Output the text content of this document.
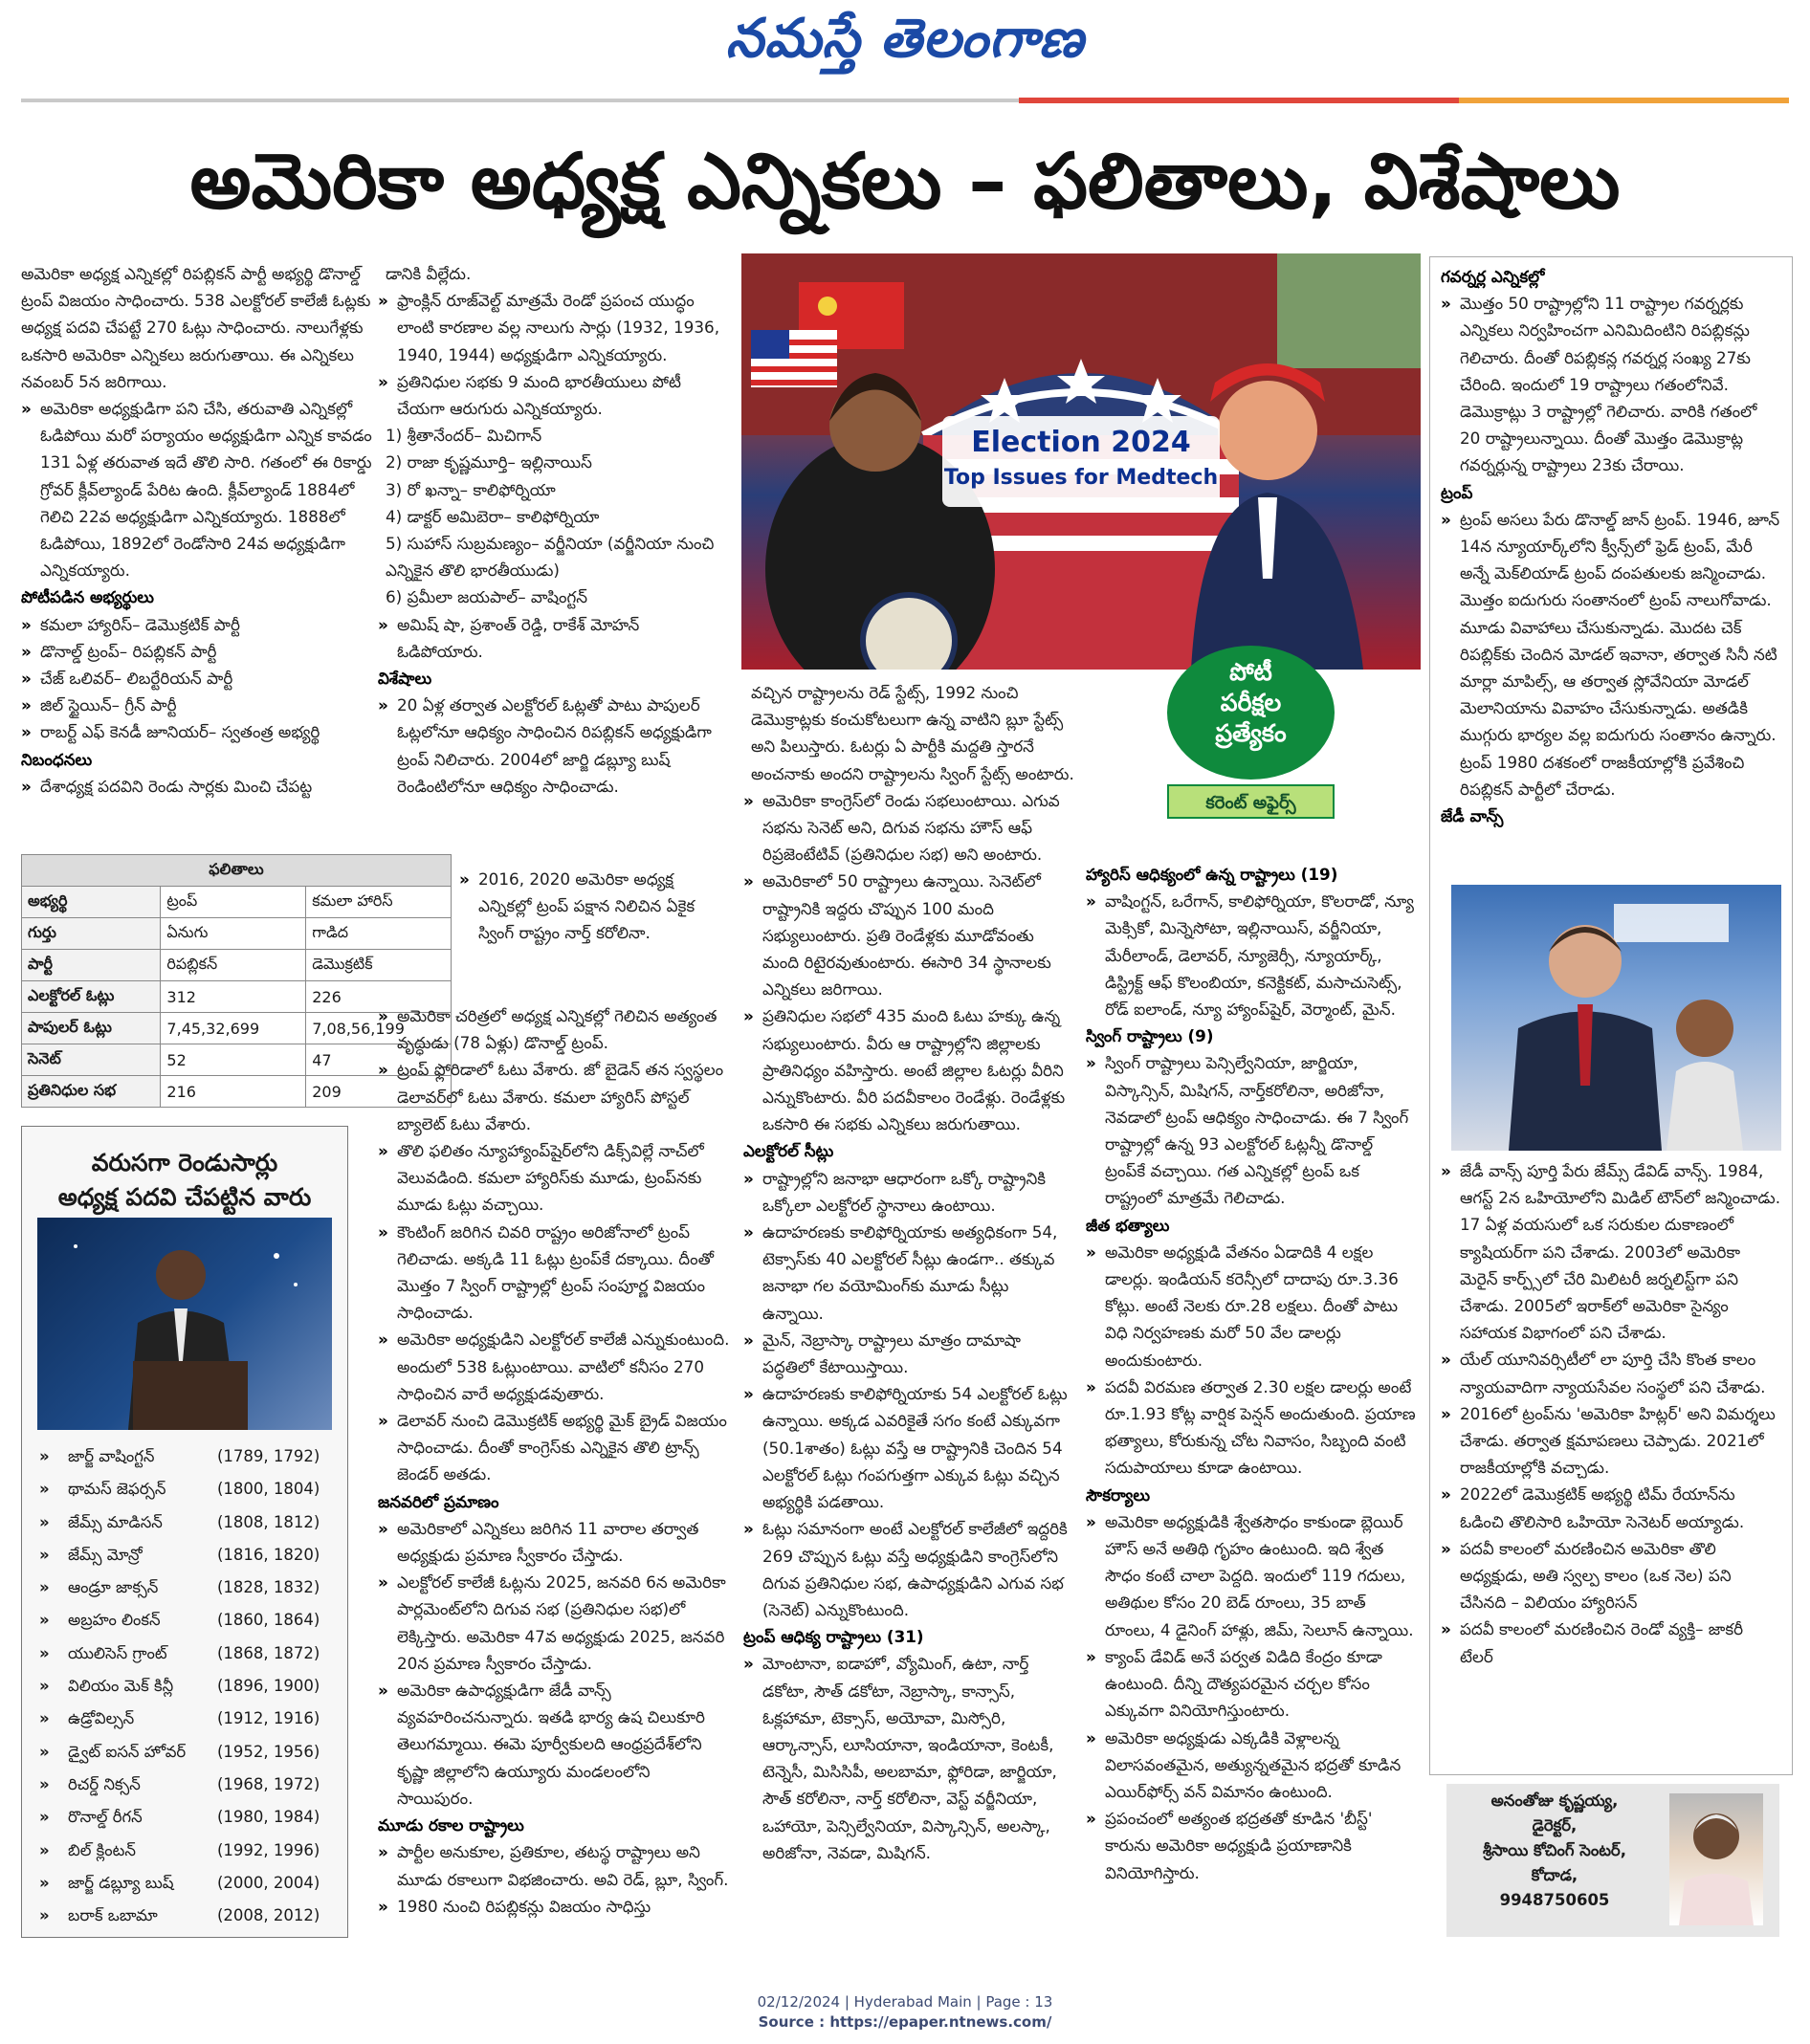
నమస్తే తెలంగాణ
అమెరికా అధ్యక్ష ఎన్నికలు – ఫలితాలు, విశేషాలు

అమెరికా అధ్యక్ష ఎన్నికల్లో రిపబ్లికన్ పార్టీ అభ్యర్థి డొనాల్డ్ ట్రంప్ విజయం సాధించారు. 538 ఎలక్టోరల్ కాలేజీ ఓట్లకు అధ్యక్ష పదవి చేపట్టే 270 ఓట్లు సాధించారు. నాలుగేళ్లకు ఒకసారి అమెరికా ఎన్నికలు జరుగుతాయి. ఈ ఎన్నికలు నవంబర్ 5న జరిగాయి.

» అమెరికా అధ్యక్షుడిగా పని చేసి, తరువాతి ఎన్నికల్లో ఓడిపోయి మరో పర్యాయం అధ్యక్షుడిగా ఎన్నిక కావడం 131 ఏళ్ల తరువాత ఇదే తొలి సారి. గతంలో ఈ రికార్డు గ్రోవర్ క్లీవ్‌ల్యాండ్ పేరిట ఉంది. క్లీవ్‌ల్యాండ్ 1884లో గెలిచి 22వ అధ్యక్షుడిగా ఎన్నికయ్యారు. 1888లో ఓడిపోయి, 1892లో రెండోసారి 24వ అధ్యక్షుడిగా ఎన్నికయ్యారు.

పోటీపడిన అభ్యర్థులు

» కమలా హ్యారిస్– డెమొక్రటిక్ పార్టీ

» డొనాల్డ్ ట్రంప్– రిపబ్లికన్ పార్టీ

» చేజ్ ఒలివర్– లిబర్టేరియన్ పార్టీ

» జిల్ స్టైయిన్– గ్రీన్ పార్టీ

» రాబర్ట్ ఎఫ్ కెనడీ జూనియర్– స్వతంత్ర అభ్యర్థి

నిబంధనలు

» దేశాధ్యక్ష పదవిని రెండు సార్లకు మించి చేపట్ట

ఫలితాలు		
అభ్యర్థి	ట్రంప్	కమలా హారిస్
గుర్తు	ఏనుగు	గాడిద
పార్టీ	రిపబ్లికన్	డెమొక్రటిక్
ఎలక్టోరల్ ఓట్లు	312	226
పాపులర్ ఓట్లు	7,45,32,699	7,08,56,199
సెనెట్	52	47
ప్రతినిధుల సభ	216	209
వరుసగా రెండుసార్లు
అధ్యక్ష పదవి చేపట్టిన వారు
» జార్జ్ వాషింగ్టన్	(1789, 1792)
» థామస్ జెఫర్సన్	(1800, 1804)
» జేమ్స్ మాడిసన్	(1808, 1812)
» జేమ్స్ మోన్రో	(1816, 1820)
» ఆండ్రూ జాక్సన్	(1828, 1832)
» అబ్రహం లింకన్	(1860, 1864)
» యులిసెస్ గ్రాంట్	(1868, 1872)
» విలియం మెక్ కిన్లీ	(1896, 1900)
» ఉడ్రోవిల్సన్	(1912, 1916)
» డ్వైట్ ఐసన్ హోవర్ (1952, 1956)
» రిచర్డ్ నిక్సన్	(1968, 1972)
» రొనాల్డ్ రీగన్	(1980, 1984)
» బిల్ క్లింటన్	(1992, 1996)
» జార్జ్ డబ్ల్యూ బుష్	(2000, 2004)
» బరాక్ ఒబామా	(2008, 2012)

డానికి వీల్లేదు.

» ఫ్రాంక్లిన్ రూజ్‌వెల్ట్ మాత్రమే రెండో ప్రపంచ యుద్ధం లాంటి కారణాల వల్ల నాలుగు సార్లు (1932, 1936, 1940, 1944) అధ్యక్షుడిగా ఎన్నికయ్యారు.

» ప్రతినిధుల సభకు 9 మంది భారతీయులు పోటీ చేయగా ఆరుగురు ఎన్నికయ్యారు.

1) శ్రీతానేందర్– మిచిగాన్

2) రాజా కృష్ణమూర్తి– ఇల్లినాయిస్

3) రో ఖన్నా– కాలిఫోర్నియా

4) డాక్టర్ అమిబెరా– కాలిఫోర్నియా

5) సుహాస్ సుబ్రమణ్యం– వర్జీనియా (వర్జీనియా నుంచి ఎన్నికైన తొలి భారతీయుడు)

6) ప్రమీలా జయపాల్– వాషింగ్టన్

» అమిష్ షా, ప్రశాంత్ రెడ్డి, రాకేశ్ మోహన్ ఓడిపోయారు.

విశేషాలు

» 20 ఏళ్ల తర్వాత ఎలక్టోరల్ ఓట్లతో పాటు పాపులర్ ఓట్లలోనూ ఆధిక్యం సాధించిన రిపబ్లికన్ అధ్యక్షుడిగా ట్రంప్ నిలిచారు. 2004లో జార్జి డబ్ల్యూ బుష్ రెండింటిలోనూ ఆధిక్యం సాధించాడు.

» అమెరికా చరిత్రలో అధ్యక్ష ఎన్నికల్లో గెలిచిన అత్యంత వృద్ధుడు (78 ఏళ్లు) డొనాల్డ్ ట్రంప్.

» ట్రంప్ ఫ్లోరిడాలో ఓటు వేశారు. జో బైడెన్ తన స్వస్థలం డెలావర్‌లో ఓటు వేశారు. కమలా హ్యారిస్ పోస్టల్ బ్యాలెట్ ఓటు వేశారు.

» తొలి ఫలితం న్యూహ్యాంప్‌షైర్‌లోని డిక్స్‌విల్లే నాచ్‌లో వెలువడింది. కమలా హ్యారిస్‌కు మూడు, ట్రంప్‌నకు మూడు ఓట్లు వచ్చాయి.

» కౌంటింగ్ జరిగిన చివరి రాష్ట్రం అరిజోనాలో ట్రంప్ గెలిచాడు. అక్కడి 11 ఓట్లు ట్రంప్‌కే దక్కాయి. దీంతో మొత్తం 7 స్వింగ్ రాష్ట్రాల్లో ట్రంప్ సంపూర్ణ విజయం సాధించాడు.

» అమెరికా అధ్యక్షుడిని ఎలక్టోరల్ కాలేజీ ఎన్నుకుంటుంది. అందులో 538 ఓట్లుంటాయి. వాటిలో కనీసం 270 సాధించిన వారే అధ్యక్షుడవుతారు.

» డెలావర్ నుంచి డెమొక్రటిక్ అభ్యర్థి మైక్ బ్రైడ్ విజయం సాధించాడు. దీంతో కాంగ్రెస్‌కు ఎన్నికైన తొలి ట్రాన్స్ జెండర్ అతడు.

జనవరిలో ప్రమాణం

» అమెరికాలో ఎన్నికలు జరిగిన 11 వారాల తర్వాత అధ్యక్షుడు ప్రమాణ స్వీకారం చేస్తాడు.

» ఎలక్టోరల్ కాలేజీ ఓట్లను 2025, జనవరి 6న అమెరికా పార్లమెంట్‌లోని దిగువ సభ (ప్రతినిధుల సభ)లో లెక్కిస్తారు. అమెరికా 47వ అధ్యక్షుడు 2025, జనవరి 20న ప్రమాణ స్వీకారం చేస్తాడు.

» అమెరికా ఉపాధ్యక్షుడిగా జేడీ వాన్స్ వ్యవహరించనున్నారు. ఇతడి భార్య ఉష చిలుకూరి తెలుగమ్మాయి. ఈమె పూర్వీకులది ఆంధ్రప్రదేశ్‌లోని కృష్ణా జిల్లాలోని ఉయ్యూరు మండలంలోని సాయిపురం.

మూడు రకాల రాష్ట్రాలు

» పార్టీల అనుకూల, ప్రతికూల, తటస్థ రాష్ట్రాలు అని మూడు రకాలుగా విభజించారు. అవి రెడ్, బ్లూ, స్వింగ్.

» 1980 నుంచి రిపబ్లికన్లు విజయం సాధిస్తు

» 2016, 2020 అమెరికా అధ్యక్ష ఎన్నికల్లో ట్రంప్ పక్షాన నిలిచిన ఏకైక స్వింగ్ రాష్ట్రం నార్త్ కరోలినా.

Election 2024
Top Issues for Medtech
పోటీ
పరీక్షల
ప్రత్యేకం
కరెంట్ అఫైర్స్

వచ్చిన రాష్ట్రాలను రెడ్ స్టేట్స్, 1992 నుంచి డెమొక్రాట్లకు కంచుకోటలుగా ఉన్న వాటిని బ్లూ స్టేట్స్ అని పిలుస్తారు. ఓటర్లు ఏ పార్టీకి మద్దతి స్తారనే అంచనాకు అందని రాష్ట్రాలను స్వింగ్ స్టేట్స్ అంటారు.

» అమెరికా కాంగ్రెస్‌లో రెండు సభలుంటాయి. ఎగువ సభను సెనెట్ అని, దిగువ సభను హౌస్ ఆఫ్ రిప్రజెంటేటివ్ (ప్రతినిధుల సభ) అని అంటారు.

» అమెరికాలో 50 రాష్ట్రాలు ఉన్నాయి. సెనెట్‌లో రాష్ట్రానికి ఇద్దరు చొప్పున 100 మంది సభ్యులుంటారు. ప్రతి రెండేళ్లకు మూడోవంతు మంది రిటైరవుతుంటారు. ఈసారి 34 స్థానాలకు ఎన్నికలు జరిగాయి.

» ప్రతినిధుల సభలో 435 మంది ఓటు హక్కు ఉన్న సభ్యులుంటారు. వీరు ఆ రాష్ట్రాల్లోని జిల్లాలకు ప్రాతినిధ్యం వహిస్తారు. అంటే జిల్లాల ఓటర్లు వీరిని ఎన్నుకొంటారు. వీరి పదవీకాలం రెండేళ్లు. రెండేళ్లకు ఒకసారి ఈ సభకు ఎన్నికలు జరుగుతాయి.

ఎలక్టోరల్ సీట్లు

» రాష్ట్రాల్లోని జనాభా ఆధారంగా ఒక్కో రాష్ట్రానికి ఒక్కోలా ఎలక్టోరల్ స్థానాలు ఉంటాయి.

» ఉదాహరణకు కాలిఫోర్నియాకు అత్యధికంగా 54, టెక్సాస్‌కు 40 ఎలక్టోరల్ సీట్లు ఉండగా.. తక్కువ జనాభా గల వయోమింగ్‌కు మూడు సీట్లు ఉన్నాయి.

» మైన్, నెబ్రాస్కా రాష్ట్రాలు మాత్రం దామాషా పద్ధతిలో కేటాయిస్తాయి.

» ఉదాహరణకు కాలిఫోర్నియాకు 54 ఎలక్టోరల్ ఓట్లు ఉన్నాయి. అక్కడ ఎవరికైతే సగం కంటే ఎక్కువగా (50.1శాతం) ఓట్లు వస్తే ఆ రాష్ట్రానికి చెందిన 54 ఎలక్టోరల్ ఓట్లు గంపగుత్తగా ఎక్కువ ఓట్లు వచ్చిన అభ్యర్థికి పడతాయి.

» ఓట్లు సమానంగా అంటే ఎలక్టోరల్ కాలేజీలో ఇద్దరికి 269 చొప్పున ఓట్లు వస్తే అధ్యక్షుడిని కాంగ్రెస్‌లోని దిగువ ప్రతినిధుల సభ, ఉపాధ్యక్షుడిని ఎగువ సభ (సెనెట్) ఎన్నుకొంటుంది.

ట్రంప్ ఆధిక్య రాష్ట్రాలు (31)

» మోంటానా, ఐడాహో, వ్యోమింగ్, ఉటా, నార్త్ డకోటా, సౌత్ డకోటా, నెబ్రాస్కా, కాన్సాస్, ఓక్లహామా, టెక్సాస్, అయోవా, మిస్సోరి, ఆర్కాన్సాస్, లూసియానా, ఇండియానా, కెంటకీ, టెన్నెసీ, మిసిసిపీ, అలబామా, ఫ్లోరిడా, జార్జియా, సౌత్ కరోలినా, నార్త్ కరోలినా, వెస్ట్ వర్జీనియా, ఒహాయో, పెన్సిల్వేనియా, విస్కాన్సిన్, అలస్కా, అరిజోనా, నెవడా, మిషిగన్.

హ్యారిస్ ఆధిక్యంలో ఉన్న రాష్ట్రాలు (19)

» వాషింగ్టన్, ఒరేగాన్, కాలిఫోర్నియా, కొలరాడో, న్యూ మెక్సికో, మిన్నెసోటా, ఇల్లినాయిస్, వర్జీనియా, మేరీలాండ్, డెలావర్, న్యూజెర్సీ, న్యూయార్క్, డిస్ట్రిక్ట్ ఆఫ్ కొలంబియా, కనెక్టికట్, మసాచుసెట్స్, రోడ్ ఐలాండ్, న్యూ హ్యాంప్‌షైర్, వెర్మాంట్, మైన్.

స్వింగ్ రాష్ట్రాలు (9)

» స్వింగ్ రాష్ట్రాలు పెన్సిల్వేనియా, జార్జియా, విస్కాన్సిన్, మిషిగన్, నార్త్‌కరోలినా, అరిజోనా, నెవడాలో ట్రంప్ ఆధిక్యం సాధించాడు. ఈ 7 స్వింగ్ రాష్ట్రాల్లో ఉన్న 93 ఎలక్టోరల్ ఓట్లన్నీ డొనాల్డ్ ట్రంప్‌కే వచ్చాయి. గత ఎన్నికల్లో ట్రంప్ ఒక రాష్ట్రంలో మాత్రమే గెలిచాడు.

జీత భత్యాలు

» అమెరికా అధ్యక్షుడి వేతనం ఏడాదికి 4 లక్షల డాలర్లు. ఇండియన్ కరెన్సీలో దాదాపు రూ.3.36 కోట్లు. అంటే నెలకు రూ.28 లక్షలు. దీంతో పాటు విధి నిర్వహణకు మరో 50 వేల డాలర్లు అందుకుంటారు.

» పదవీ విరమణ తర్వాత 2.30 లక్షల డాలర్లు అంటే రూ.1.93 కోట్ల వార్షిక పెన్షన్ అందుతుంది. ప్రయాణ భత్యాలు, కోరుకున్న చోట నివాసం, సిబ్బంది వంటి సదుపాయాలు కూడా ఉంటాయి.

సౌకర్యాలు

» అమెరికా అధ్యక్షుడికి శ్వేతసౌధం కాకుండా బ్లెయిర్ హౌస్ అనే అతిథి గృహం ఉంటుంది. ఇది శ్వేత సౌధం కంటే చాలా పెద్దది. ఇందులో 119 గదులు, అతిథుల కోసం 20 బెడ్ రూంలు, 35 బాత్ రూంలు, 4 డైనింగ్ హాళ్లు, జిమ్, సెలూన్ ఉన్నాయి.

» క్యాంప్ డేవిడ్ అనే పర్వత విడిది కేంద్రం కూడా ఉంటుంది. దీన్ని దౌత్యపరమైన చర్చల కోసం ఎక్కువగా వినియోగిస్తుంటారు.

» అమెరికా అధ్యక్షుడు ఎక్కడికి వెళ్లాలన్న విలాసవంతమైన, అత్యున్నతమైన భద్రతో కూడిన ఎయిర్‌ఫోర్స్ వన్ విమానం ఉంటుంది.

» ప్రపంచంలో అత్యంత భద్రతతో కూడిన 'బీస్ట్' కారును అమెరికా అధ్యక్షుడి ప్రయాణానికి వినియోగిస్తారు.

గవర్నర్ల ఎన్నికల్లో

» మొత్తం 50 రాష్ట్రాల్లోని 11 రాష్ట్రాల గవర్నర్లకు ఎన్నికలు నిర్వహించగా ఎనిమిదింటిని రిపబ్లికన్లు గెలిచారు. దీంతో రిపబ్లికన్ల గవర్నర్ల సంఖ్య 27కు చేరింది. ఇందులో 19 రాష్ట్రాలు గతంలోనివే. డెమొక్రాట్లు 3 రాష్ట్రాల్లో గెలిచారు. వారికి గతంలో 20 రాష్ట్రాలున్నాయి. దీంతో మొత్తం డెమొక్రాట్ల గవర్నర్లున్న రాష్ట్రాలు 23కు చేరాయి.

ట్రంప్

» ట్రంప్ అసలు పేరు డొనాల్డ్ జాన్ ట్రంప్. 1946, జూన్ 14న న్యూయార్క్‌లోని క్వీన్స్‌లో ఫ్రెడ్ ట్రంప్, మేరీ అన్నే మెక్‌లియాడ్ ట్రంప్ దంపతులకు జన్మించాడు. మొత్తం ఐదుగురు సంతానంలో ట్రంప్ నాలుగోవాడు. మూడు వివాహాలు చేసుకున్నాడు. మొదట చెక్ రిపబ్లిక్‌కు చెందిన మోడల్ ఇవానా, తర్వాత సినీ నటి మార్లా మాపిల్స్, ఆ తర్వాత స్లోవేనియా మోడల్ మెలానియాను వివాహం చేసుకున్నాడు. అతడికి ముగ్గురు భార్యల వల్ల ఐదుగురు సంతానం ఉన్నారు. ట్రంప్ 1980 దశకంలో రాజకీయాల్లోకి ప్రవేశించి రిపబ్లికన్ పార్టీలో చేరాడు.

జేడీ వాన్స్

» జేడీ వాన్స్ పూర్తి పేరు జేమ్స్ డేవిడ్ వాన్స్. 1984, ఆగస్ట్ 2న ఒహియోలోని మిడిల్ టౌన్‌లో జన్మించాడు. 17 ఏళ్ల వయసులో ఒక సరుకుల దుకాణంలో క్యాషియర్‌గా పని చేశాడు. 2003లో అమెరికా మెరైన్ కార్ప్స్‌లో చేరి మిలిటరీ జర్నలిస్ట్‌గా పని చేశాడు. 2005లో ఇరాక్‌లో అమెరికా సైన్యం సహాయక విభాగంలో పని చేశాడు.

» యేల్ యూనివర్సిటీలో లా పూర్తి చేసి కొంత కాలం న్యాయవాదిగా న్యాయసేవల సంస్థలో పని చేశాడు.

» 2016లో ట్రంప్‌ను 'అమెరికా హిట్లర్' అని విమర్శలు చేశాడు. తర్వాత క్షమాపణలు చెప్పాడు. 2021లో రాజకీయాల్లోకి వచ్చాడు.

» 2022లో డెమొక్రటిక్ అభ్యర్థి టిమ్ రేయాన్‌ను ఓడించి తొలిసారి ఒహియో సెనెటర్ అయ్యాడు.

» పదవీ కాలంలో మరణించిన అమెరికా తొలి అధ్యక్షుడు, అతి స్వల్ప కాలం (ఒక నెల) పని చేసినది – విలియం హ్యారిసన్

» పదవీ కాలంలో మరణించిన రెండో వ్యక్తి– జాకరీ టేలర్

అనంతోజు కృష్ణయ్య,
డైరెక్టర్,
శ్రీసాయి కోచింగ్ సెంటర్,
కోదాడ,
9948750605
02/12/2024 | Hyderabad Main | Page : 13
Source : https://epaper.ntnews.com/
